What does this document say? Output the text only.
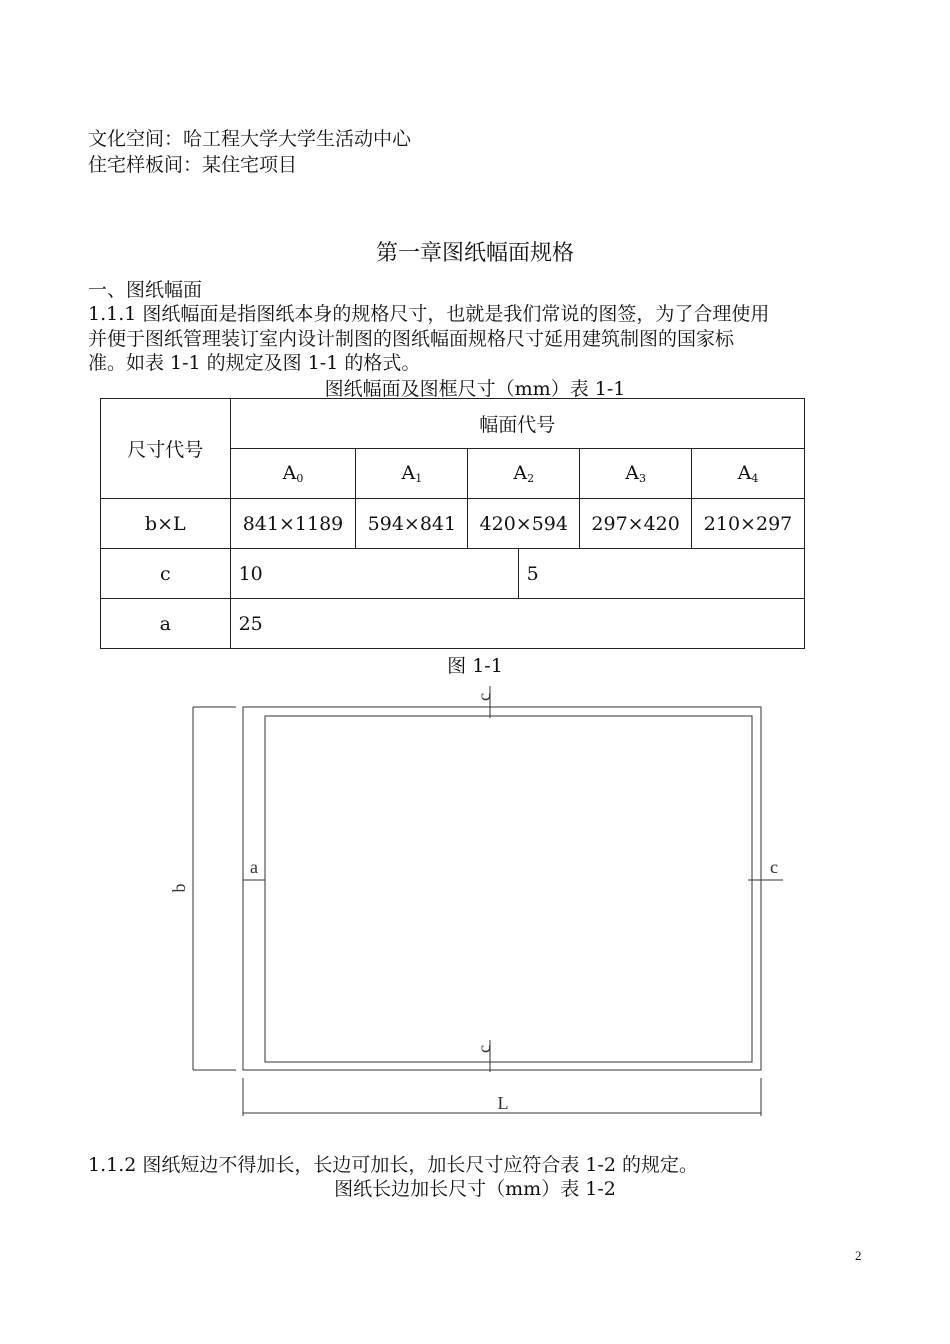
文化空间：哈工程大学大学生活动中心
住宅样板间：某住宅项目
第一章图纸幅面规格
一、图纸幅面
1.1.1 图纸幅面是指图纸本身的规格尺寸，也就是我们常说的图签，为了合理使用
并便于图纸管理装订室内设计制图的图纸幅面规格尺寸延用建筑制图的国家标
准。如表 1-1 的规定及图 1-1 的格式。
图纸幅面及图框尺寸（mm）表 1-1
尺寸代号	幅面代号				
	$A_0$	$A_1$	$A_2$	$A_3$	$A_4$
b×L	841×1189	594×841	420×594	297×420	210×297
c	10 5				

a	25				
图 1-1
c
c
a	c
b
L
1.1.2 图纸短边不得加长，长边可加长，加长尺寸应符合表 1-2 的规定。
图纸长边加长尺寸（mm）表 1-2
2
